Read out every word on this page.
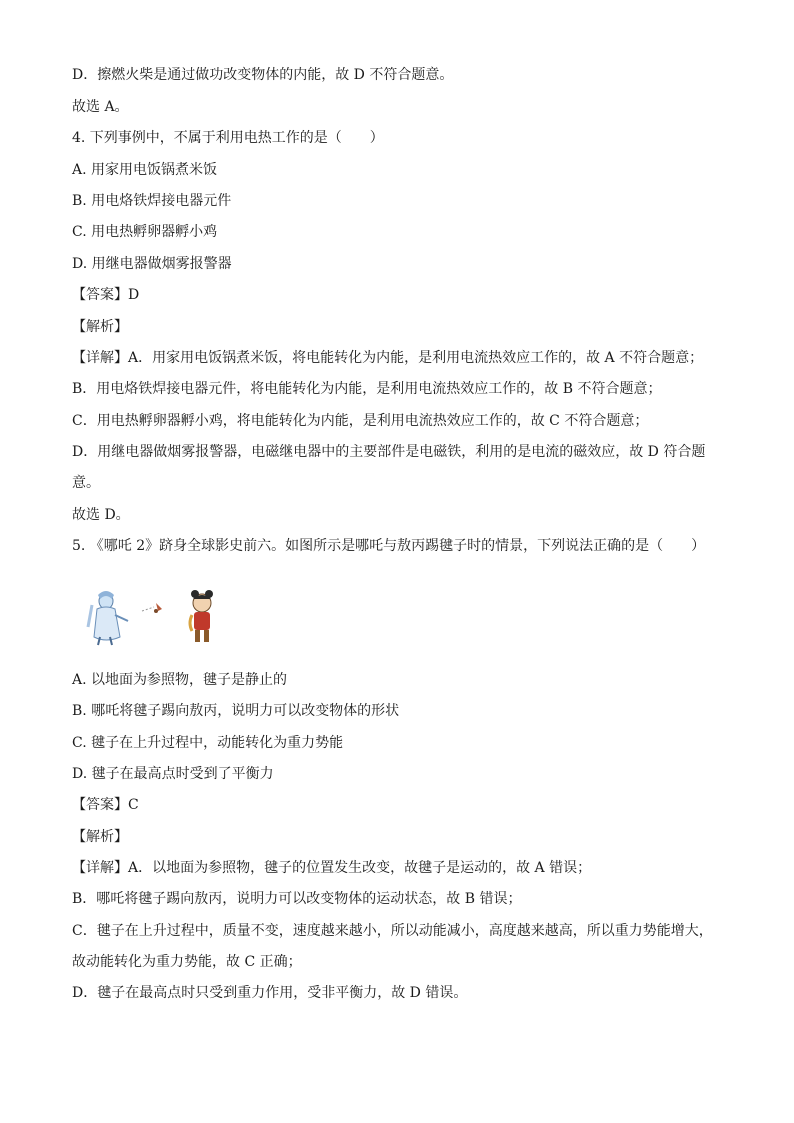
D．擦燃火柴是通过做功改变物体的内能，故 D 不符合题意。
故选 A。
4. 下列事例中，不属于利用电热工作的是（　　）
A. 用家用电饭锅煮米饭
B. 用电烙铁焊接电器元件
C. 用电热孵卵器孵小鸡
D. 用继电器做烟雾报警器
【答案】D
【解析】
【详解】A．用家用电饭锅煮米饭，将电能转化为内能，是利用电流热效应工作的，故 A 不符合题意；
B．用电烙铁焊接电器元件，将电能转化为内能，是利用电流热效应工作的，故 B 不符合题意；
C．用电热孵卵器孵小鸡，将电能转化为内能，是利用电流热效应工作的，故 C 不符合题意；
D．用继电器做烟雾报警器，电磁继电器中的主要部件是电磁铁，利用的是电流的磁效应，故 D 符合题
意。
故选 D。
5. 《哪吒 2》跻身全球影史前六。如图所示是哪吒与敖丙踢毽子时的情景，下列说法正确的是（　　）
A. 以地面为参照物，毽子是静止的
B. 哪吒将毽子踢向敖丙，说明力可以改变物体的形状
C. 毽子在上升过程中，动能转化为重力势能
D. 毽子在最高点时受到了平衡力
【答案】C
【解析】
【详解】A．以地面为参照物，毽子的位置发生改变，故毽子是运动的，故 A 错误；
B．哪吒将毽子踢向敖丙，说明力可以改变物体的运动状态，故 B 错误；
C．毽子在上升过程中，质量不变，速度越来越小，所以动能减小，高度越来越高，所以重力势能增大，
故动能转化为重力势能，故 C 正确；
D．毽子在最高点时只受到重力作用，受非平衡力，故 D 错误。
